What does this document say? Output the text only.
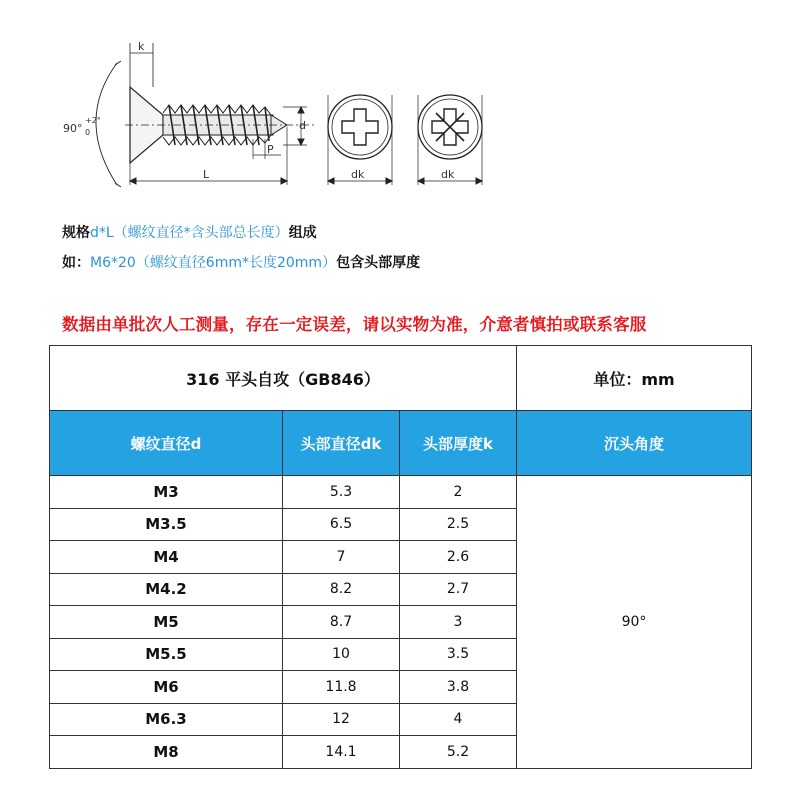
k
d
P
L
90°
+2°
0
dk	dk
规格d*L（螺纹直径*含头部总长度）组成
如：M6*20（螺纹直径6mm*长度20mm）包含头部厚度
数据由单批次人工测量，存在一定误差，请以实物为准，介意者慎拍或联系客服
316 平头自攻（GB846）			单位：mm
螺纹直径d	头部直径dk	头部厚度k	沉头角度
M3	5.3	2	90°
M3.5	6.5	2.5	
M4	7	2.6	
M4.2	8.2	2.7	
M5	8.7	3	
M5.5	10	3.5	
M6	11.8	3.8	
M6.3	12	4	
M8	14.1	5.2	
